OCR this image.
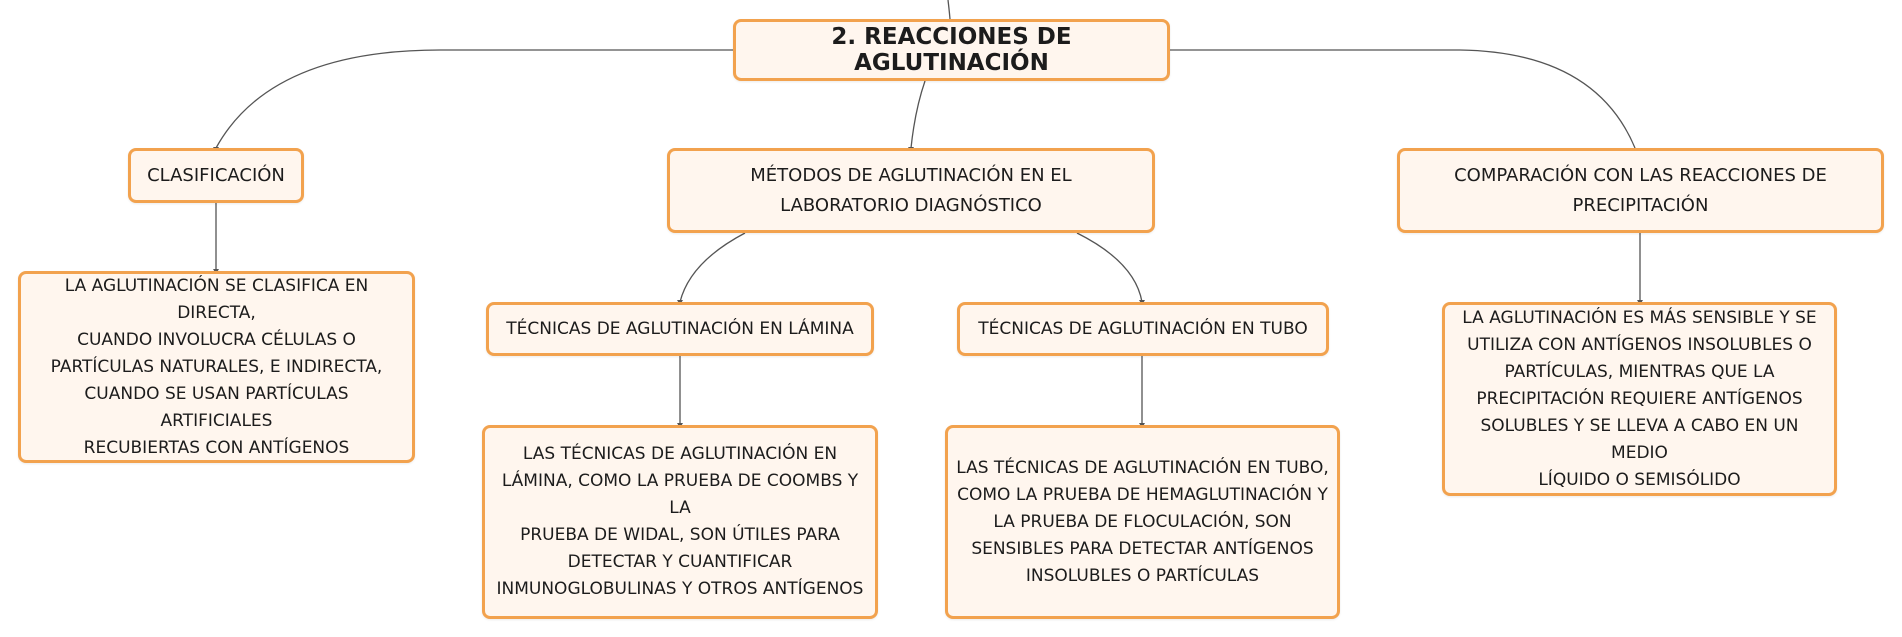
2. REACCIONES DE AGLUTINACIÓN
CLASIFICACIÓN	MÉTODOS DE AGLUTINACIÓN EN EL
LABORATORIO DIAGNÓSTICO
COMPARACIÓN CON LAS REACCIONES DE
PRECIPITACIÓN
TÉCNICAS DE AGLUTINACIÓN EN LÁMINA	TÉCNICAS DE AGLUTINACIÓN EN TUBO
LA AGLUTINACIÓN SE CLASIFICA EN DIRECTA,
CUANDO INVOLUCRA CÉLULAS O
PARTÍCULAS NATURALES, E INDIRECTA,
CUANDO SE USAN PARTÍCULAS ARTIFICIALES
RECUBIERTAS CON ANTÍGENOS	LAS TÉCNICAS DE AGLUTINACIÓN EN
LÁMINA, COMO LA PRUEBA DE COOMBS Y LA
PRUEBA DE WIDAL, SON ÚTILES PARA
DETECTAR Y CUANTIFICAR
INMUNOGLOBULINAS Y OTROS ANTÍGENOS
LAS TÉCNICAS DE AGLUTINACIÓN EN TUBO,
COMO LA PRUEBA DE HEMAGLUTINACIÓN Y
LA PRUEBA DE FLOCULACIÓN, SON
SENSIBLES PARA DETECTAR ANTÍGENOS
INSOLUBLES O PARTÍCULAS
LA AGLUTINACIÓN ES MÁS SENSIBLE Y SE
UTILIZA CON ANTÍGENOS INSOLUBLES O
PARTÍCULAS, MIENTRAS QUE LA
PRECIPITACIÓN REQUIERE ANTÍGENOS
SOLUBLES Y SE LLEVA A CABO EN UN MEDIO
LÍQUIDO O SEMISÓLIDO
